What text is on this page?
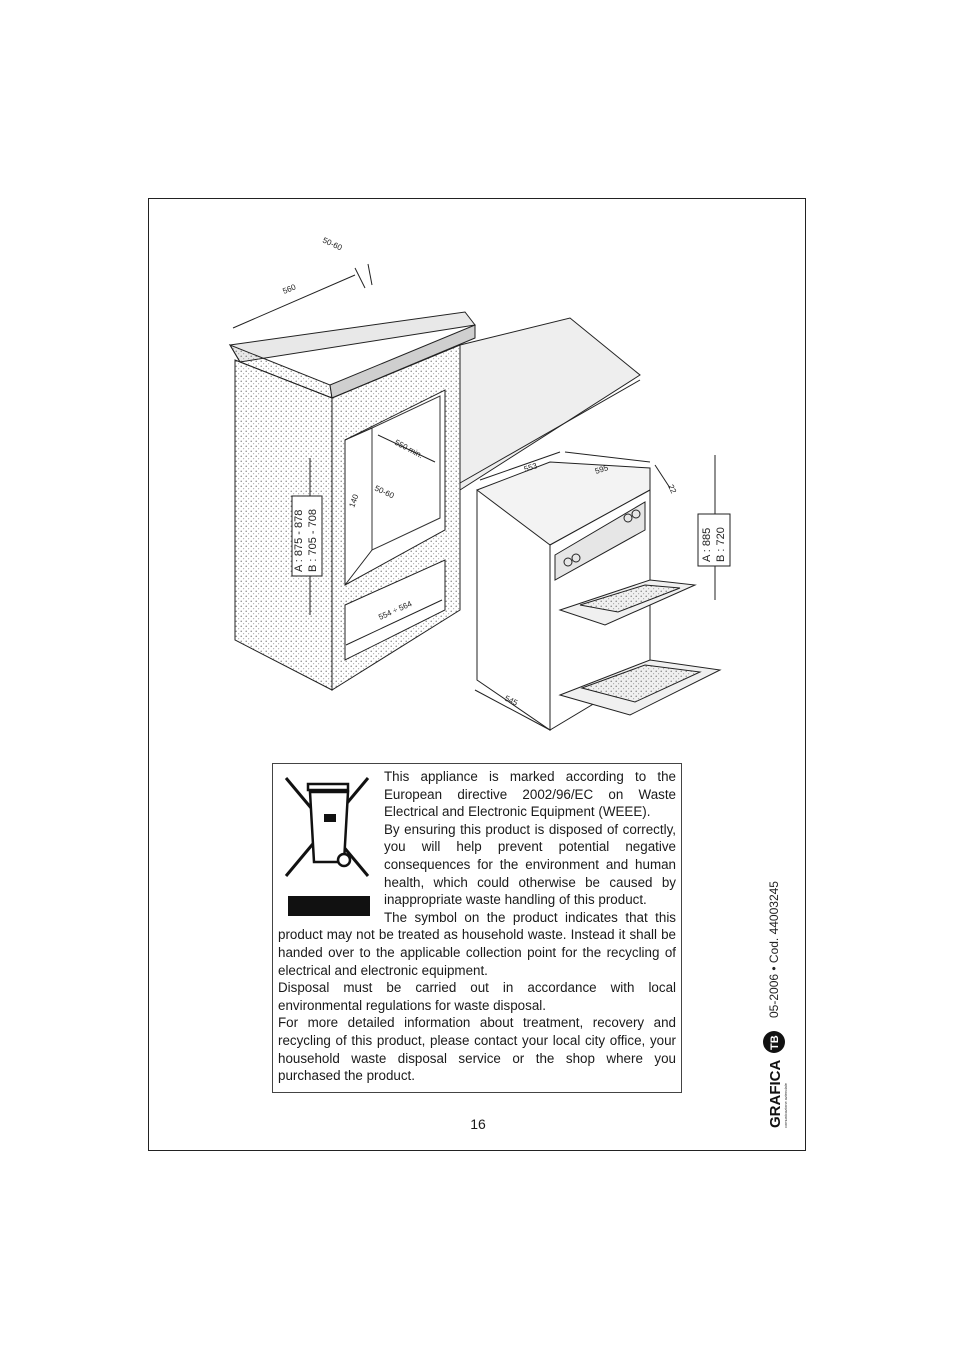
50-60
560
550 min.
50-60
140
554 ÷ 564
A : 875 - 878 B : 705 - 708
553	595
22
545
A : 885 B : 720

This appliance is marked according to the European directive 2002/96/EC on Waste Electrical and Electronic Equipment (WEEE).
By ensuring this product is disposed of correctly, you will help prevent potential negative consequences for the environment and human health, which could otherwise be caused by inappropriate waste handling of this product.
The symbol on the product indicates that this product may not be treated as household waste. Instead it shall be handed over to the applicable collection point for the recycling of electrical and electronic equipment.
Disposal must be carried out in accordance with local environmental regulations for waste disposal.
For more detailed information about treatment, recovery and recycling of this product, please contact your local city office, your household waste disposal service or the shop where you purchased the product.

16
05-2006 • Cod. 44003245
TB
GRAFICA comunicazione aziendale
